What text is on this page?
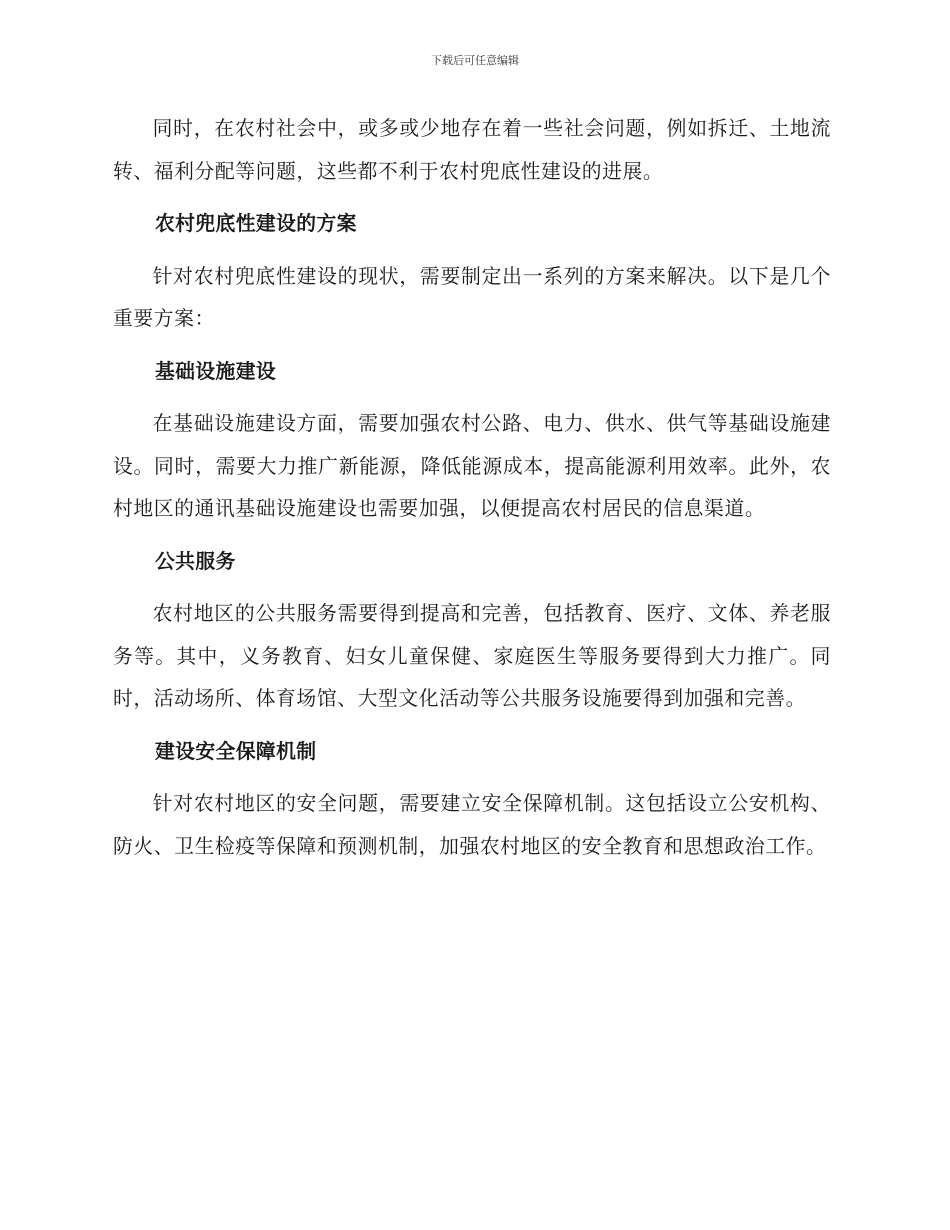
下载后可任意编辑

同时，在农村社会中，或多或少地存在着一些社会问题，例如拆迁、土地流转、福利分配等问题，这些都不利于农村兜底性建设的进展。

农村兜底性建设的方案

针对农村兜底性建设的现状，需要制定出一系列的方案来解决。以下是几个重要方案：

基础设施建设

在基础设施建设方面，需要加强农村公路、电力、供水、供气等基础设施建设。同时，需要大力推广新能源，降低能源成本，提高能源利用效率。此外，农村地区的通讯基础设施建设也需要加强，以便提高农村居民的信息渠道。

公共服务

农村地区的公共服务需要得到提高和完善，包括教育、医疗、文体、养老服务等。其中，义务教育、妇女儿童保健、家庭医生等服务要得到大力推广。同时，活动场所、体育场馆、大型文化活动等公共服务设施要得到加强和完善。

建设安全保障机制

针对农村地区的安全问题，需要建立安全保障机制。这包括设立公安机构、防火、卫生检疫等保障和预测机制，加强农村地区的安全教育和思想政治工作。
